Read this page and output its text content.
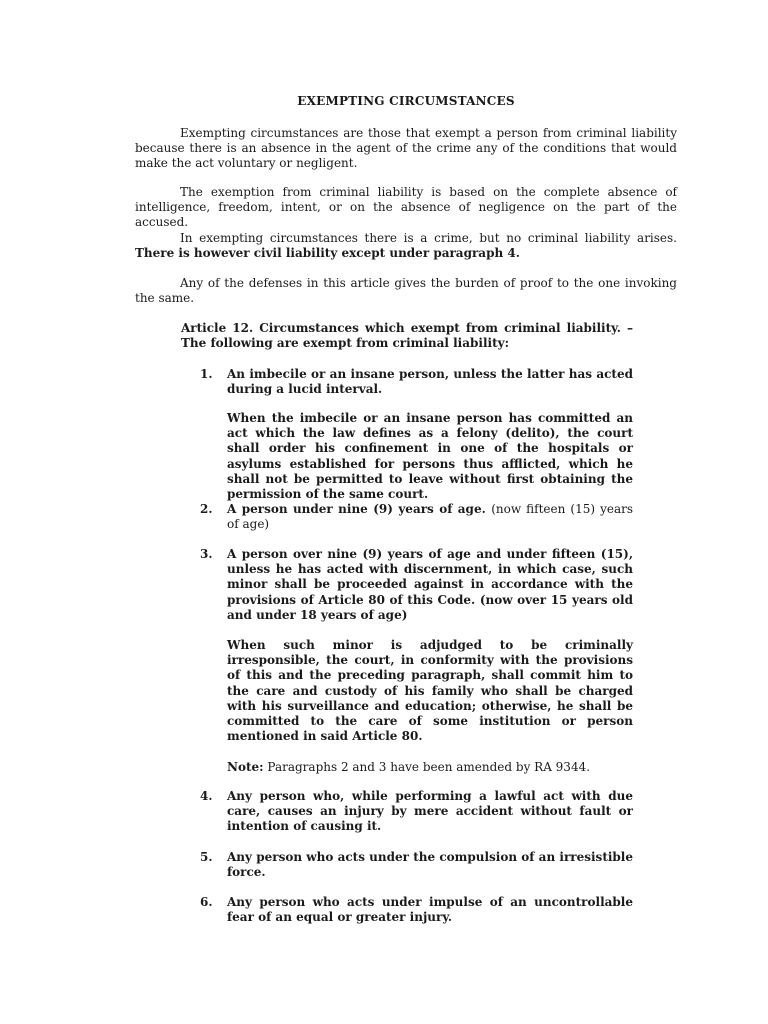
EXEMPTING CIRCUMSTANCES

Exempting circumstances are those that exempt a person from criminal liability because there is an absence in the agent of the crime any of the conditions that would make the act voluntary or negligent.

The exemption from criminal liability is based on the complete absence of intelligence, freedom, intent, or on the absence of negligence on the part of the accused.

In exempting circumstances there is a crime, but no criminal liability arises. There is however civil liability except under paragraph 4.

Any of the defenses in this article gives the burden of proof to the one invoking the same.

Article 12. Circumstances which exempt from criminal liability. – The following are exempt from criminal liability:

1.	An imbecile or an insane person, unless the latter has acted during a lucid interval.

When the imbecile or an insane person has committed an act which the law defines as a felony (delito), the court shall order his confinement in one of the hospitals or asylums established for persons thus afflicted, which he shall not be permitted to leave without first obtaining the permission of the same court.

2.	A person under nine (9) years of age. (now fifteen (15) years of age)
3.	A person over nine (9) years of age and under fifteen (15), unless he has acted with discernment, in which case, such minor shall be proceeded against in accordance with the provisions of Article 80 of this Code. (now over 15 years old and under 18 years of age)

When such minor is adjudged to be criminally irresponsible, the court, in conformity with the provisions of this and the preceding paragraph, shall commit him to the care and custody of his family who shall be charged with his surveillance and education; otherwise, he shall be committed to the care of some institution or person mentioned in said Article 80.

Note: Paragraphs 2 and 3 have been amended by RA 9344.

4.	Any person who, while performing a lawful act with due care, causes an injury by mere accident without fault or intention of causing it.
5.	Any person who acts under the compulsion of an irresistible force.
6.	Any person who acts under impulse of an uncontrollable fear of an equal or greater injury.
